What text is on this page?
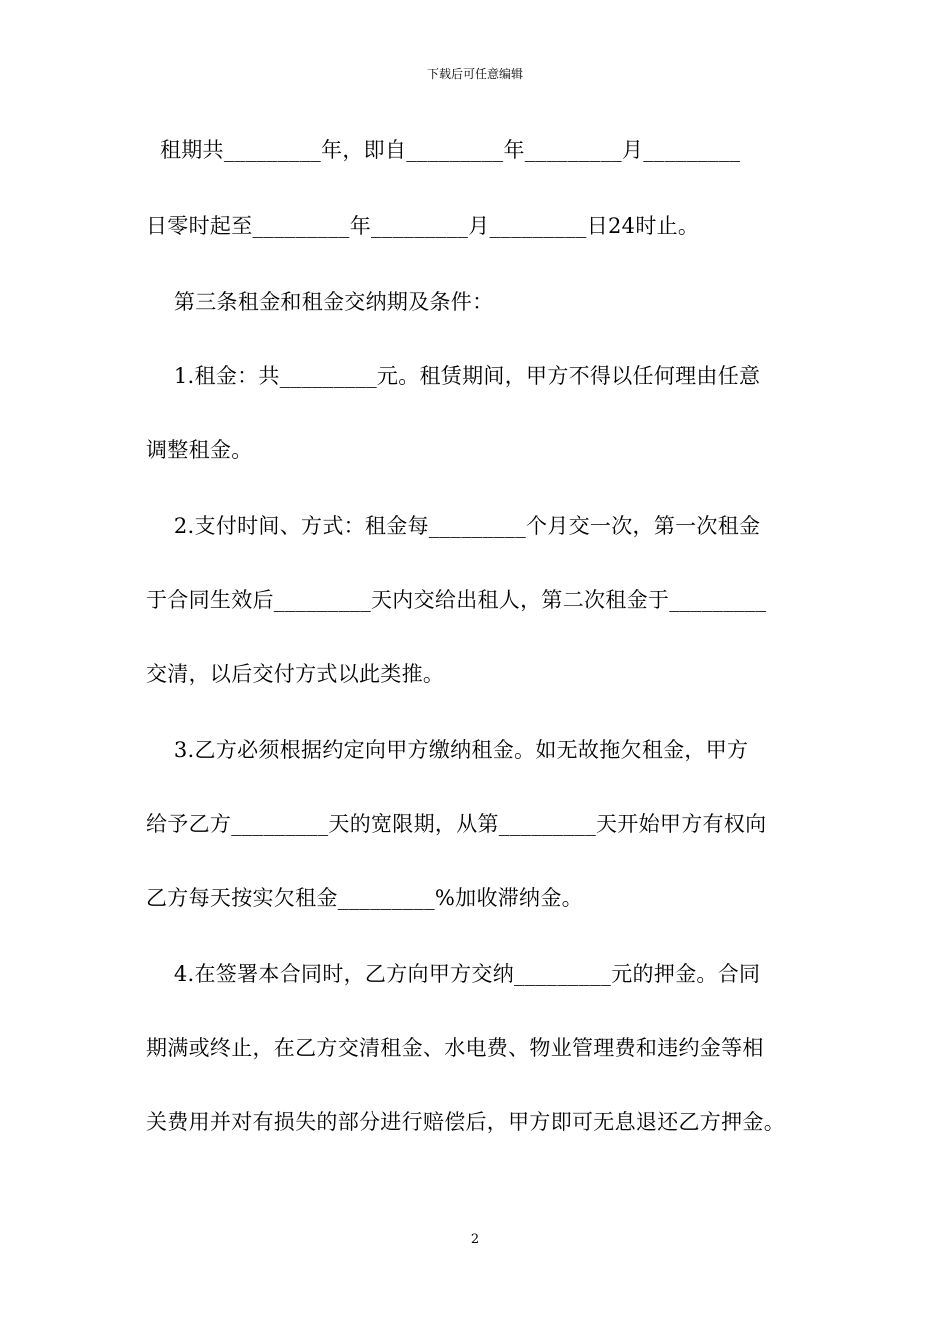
下载后可任意编辑
租期共_________年，即自_________年_________月_________
日零时起至_________年_________月_________日24时止。
第三条租金和租金交纳期及条件：
1.租金：共_________元。租赁期间，甲方不得以任何理由任意
调整租金。
2.支付时间、方式：租金每_________个月交一次，第一次租金
于合同生效后_________天内交给出租人，第二次租金于_________
交清，以后交付方式以此类推。
3.乙方必须根据约定向甲方缴纳租金。如无故拖欠租金，甲方
给予乙方_________天的宽限期，从第_________天开始甲方有权向
乙方每天按实欠租金_________%加收滞纳金。
4.在签署本合同时，乙方向甲方交纳_________元的押金。合同
期满或终止，在乙方交清租金、水电费、物业管理费和违约金等相
关费用并对有损失的部分进行赔偿后，甲方即可无息退还乙方押金。
2
